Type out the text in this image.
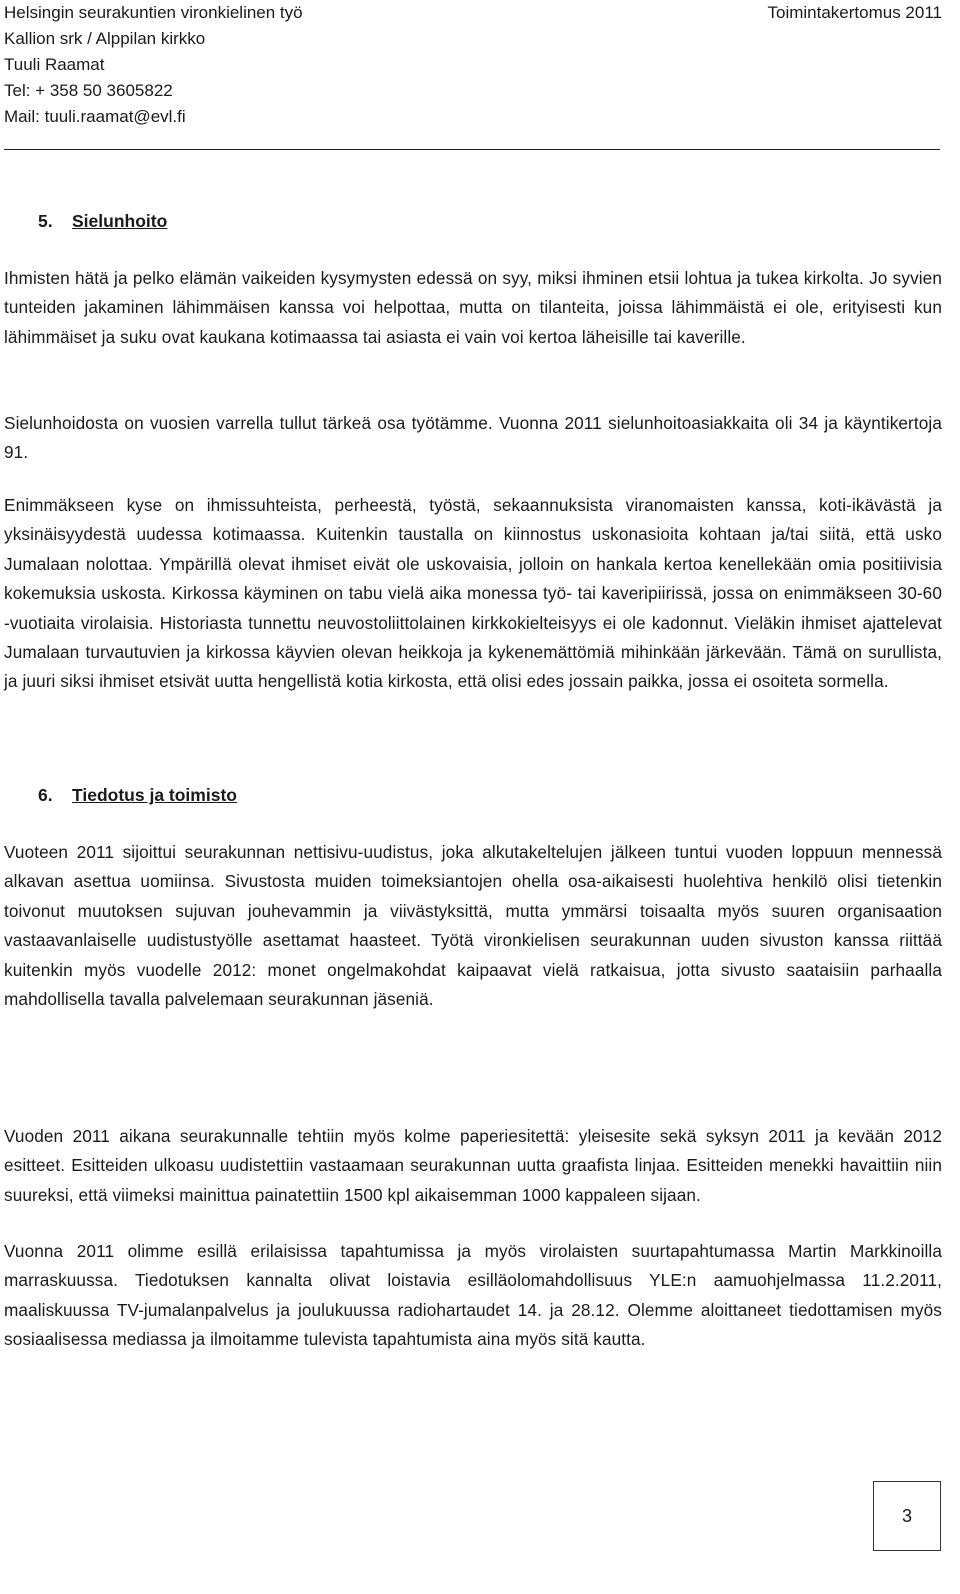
Helsingin seurakuntien vironkielinen työ
Kallion srk / Alppilan kirkko
Tuuli Raamat
Tel: + 358 50 3605822
Mail: tuuli.raamat@evl.fi
Toimintakertomus 2011
5. Sielunhoito

Ihmisten hätä ja pelko elämän vaikeiden kysymysten edessä on syy, miksi ihminen etsii lohtua ja tukea kirkolta. Jo syvien tunteiden jakaminen lähimmäisen kanssa voi helpottaa, mutta on tilanteita, joissa lähimmäistä ei ole, erityisesti kun lähimmäiset ja suku ovat kaukana kotimaassa tai asiasta ei vain voi kertoa läheisille tai kaverille.

Sielunhoidosta on vuosien varrella tullut tärkeä osa työtämme. Vuonna 2011 sielunhoitoasiakkaita oli 34 ja käyntikertoja 91.

Enimmäkseen kyse on ihmissuhteista, perheestä, työstä, sekaannuksista viranomaisten kanssa, koti-ikävästä ja yksinäisyydestä uudessa kotimaassa. Kuitenkin taustalla on kiinnostus uskonasioita kohtaan ja/tai siitä, että usko Jumalaan nolottaa. Ympärillä olevat ihmiset eivät ole uskovaisia, jolloin on hankala kertoa kenellekään omia positiivisia kokemuksia uskosta. Kirkossa käyminen on tabu vielä aika monessa työ- tai kaveripiirissä, jossa on enimmäkseen 30-60 -vuotiaita virolaisia. Historiasta tunnettu neuvostoliittolainen kirkkokielteisyys ei ole kadonnut. Vieläkin ihmiset ajattelevat Jumalaan turvautuvien ja kirkossa käyvien olevan heikkoja ja kykenemättömiä mihinkään järkevään. Tämä on surullista, ja juuri siksi ihmiset etsivät uutta hengellistä kotia kirkosta, että olisi edes jossain paikka, jossa ei osoiteta sormella.

6. Tiedotus ja toimisto

Vuoteen 2011 sijoittui seurakunnan nettisivu-uudistus, joka alkutakeltelujen jälkeen tuntui vuoden loppuun mennessä alkavan asettua uomiinsa. Sivustosta muiden toimeksiantojen ohella osa-aikaisesti huolehtiva henkilö olisi tietenkin toivonut muutoksen sujuvan jouhevammin ja viivästyksittä, mutta ymmärsi toisaalta myös suuren organisaation vastaavanlaiselle uudistustyölle asettamat haasteet. Työtä vironkielisen seurakunnan uuden sivuston kanssa riittää kuitenkin myös vuodelle 2012: monet ongelmakohdat kaipaavat vielä ratkaisua, jotta sivusto saataisiin parhaalla mahdollisella tavalla palvelemaan seurakunnan jäseniä.

Vuoden 2011 aikana seurakunnalle tehtiin myös kolme paperiesitettä: yleisesite sekä syksyn 2011 ja kevään 2012 esitteet. Esitteiden ulkoasu uudistettiin vastaamaan seurakunnan uutta graafista linjaa. Esitteiden menekki havaittiin niin suureksi, että viimeksi mainittua painatettiin 1500 kpl aikaisemman 1000 kappaleen sijaan.

Vuonna 2011 olimme esillä erilaisissa tapahtumissa ja myös virolaisten suurtapahtumassa Martin Markkinoilla marraskuussa. Tiedotuksen kannalta olivat loistavia esilläolomahdollisuus YLE:n aamuohjelmassa 11.2.2011, maaliskuussa TV-jumalanpalvelus ja joulukuussa radiohartaudet 14. ja 28.12. Olemme aloittaneet tiedottamisen myös sosiaalisessa mediassa ja ilmoitamme tulevista tapahtumista aina myös sitä kautta.

3
